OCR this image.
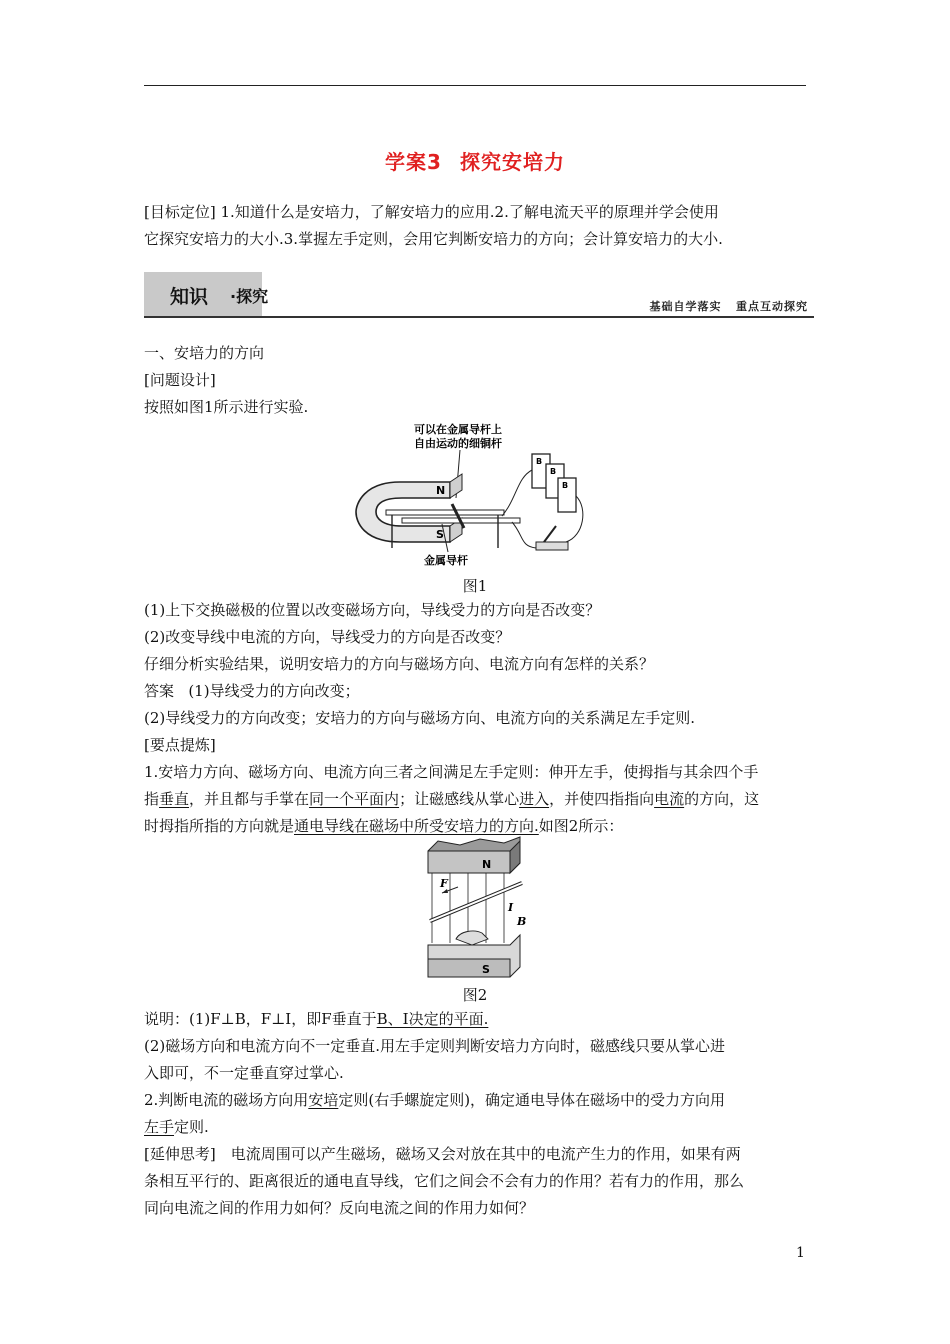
学案3 探究安培力

[目标定位] 1.知道什么是安培力，了解安培力的应用.2.了解电流天平的原理并学会使用

它探究安培力的大小.3.掌握左手定则，会用它判断安培力的方向；会计算安培力的大小.

知识 ·探究
基础自学落实 重点互动探究

一、安培力的方向

[问题设计]

按照如图1所示进行实验.

可以在金属导杆上
自由运动的细铜杆
N
S
金属导杆
B
B
B
图1

(1)上下交换磁极的位置以改变磁场方向，导线受力的方向是否改变？

(2)改变导线中电流的方向，导线受力的方向是否改变？

仔细分析实验结果，说明安培力的方向与磁场方向、电流方向有怎样的关系？

答案 (1)导线受力的方向改变；

(2)导线受力的方向改变；安培力的方向与磁场方向、电流方向的关系满足左手定则.

[要点提炼]

1.安培力方向、磁场方向、电流方向三者之间满足左手定则：伸开左手，使拇指与其余四个手

指垂直，并且都与手掌在同一个平面内；让磁感线从掌心进入，并使四指指向电流的方向，这

时拇指所指的方向就是通电导线在磁场中所受安培力的方向.如图2所示：

N
F
I
B
S
图2

说明：(1)F⊥B，F⊥I，即F垂直于B、I决定的平面.

(2)磁场方向和电流方向不一定垂直.用左手定则判断安培力方向时，磁感线只要从掌心进

入即可，不一定垂直穿过掌心.

2.判断电流的磁场方向用安培定则(右手螺旋定则)，确定通电导体在磁场中的受力方向用

左手定则.

[延伸思考]　电流周围可以产生磁场，磁场又会对放在其中的电流产生力的作用，如果有两

条相互平行的、距离很近的通电直导线，它们之间会不会有力的作用？若有力的作用，那么

同向电流之间的作用力如何？反向电流之间的作用力如何？

1
